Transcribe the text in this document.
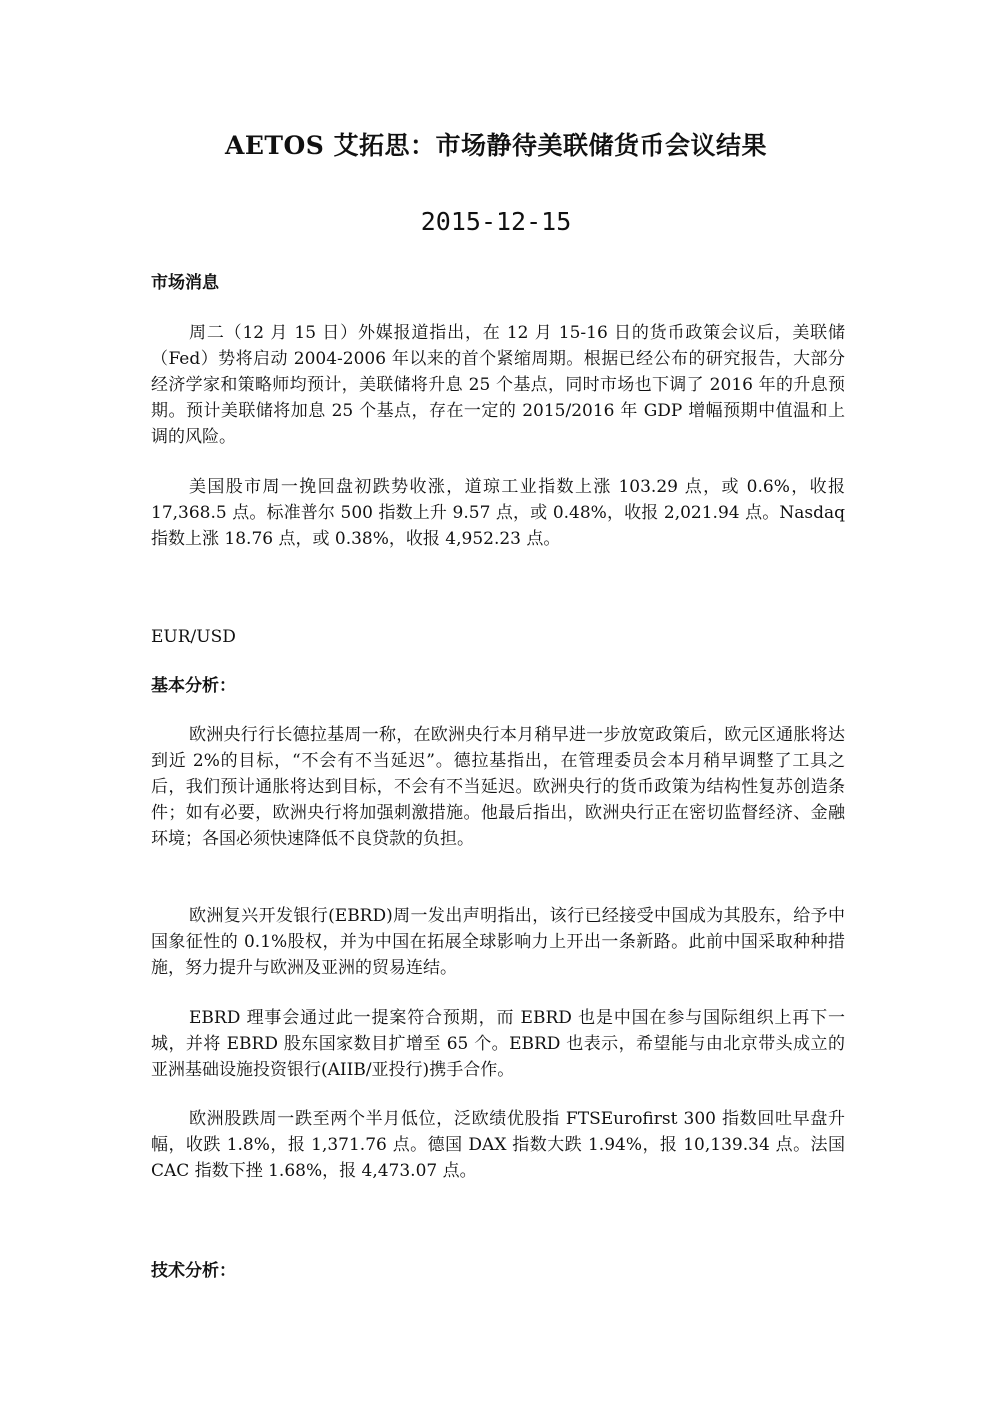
AETOS 艾拓思：市场静待美联储货币会议结果
2015-12-15
市场消息

周二（12 月 15 日）外媒报道指出，在 12 月 15-16 日的货币政策会议后，美联储（Fed）势将启动 2004-2006 年以来的首个紧缩周期。根据已经公布的研究报告，大部分经济学家和策略师均预计，美联储将升息 25 个基点，同时市场也下调了 2016 年的升息预期。预计美联储将加息 25 个基点，存在一定的 2015/2016 年 GDP 增幅预期中值温和上调的风险。

美国股市周一挽回盘初跌势收涨，道琼工业指数上涨 103.29 点，或 0.6%，收报 17,368.5 点。标准普尔 500 指数上升 9.57 点，或 0.48%，收报 2,021.94 点。Nasdaq 指数上涨 18.76 点，或 0.38%，收报 4,952.23 点。

EUR/USD
基本分析：

欧洲央行行长德拉基周一称，在欧洲央行本月稍早进一步放宽政策后，欧元区通胀将达到近 2%的目标，“不会有不当延迟”。德拉基指出，在管理委员会本月稍早调整了工具之后，我们预计通胀将达到目标，不会有不当延迟。欧洲央行的货币政策为结构性复苏创造条件；如有必要，欧洲央行将加强刺激措施。他最后指出，欧洲央行正在密切监督经济、金融环境；各国必须快速降低不良贷款的负担。

欧洲复兴开发银行(EBRD)周一发出声明指出，该行已经接受中国成为其股东，给予中国象征性的 0.1%股权，并为中国在拓展全球影响力上开出一条新路。此前中国采取种种措施，努力提升与欧洲及亚洲的贸易连结。

EBRD 理事会通过此一提案符合预期，而 EBRD 也是中国在参与国际组织上再下一城，并将 EBRD 股东国家数目扩增至 65 个。EBRD 也表示，希望能与由北京带头成立的亚洲基础设施投资银行(AIIB/亚投行)携手合作。

欧洲股跌周一跌至两个半月低位，泛欧绩优股指 FTSEurofirst 300 指数回吐早盘升幅，收跌 1.8%，报 1,371.76 点。德国 DAX 指数大跌 1.94%，报 10,139.34 点。法国 CAC 指数下挫 1.68%，报 4,473.07 点。

技术分析：
